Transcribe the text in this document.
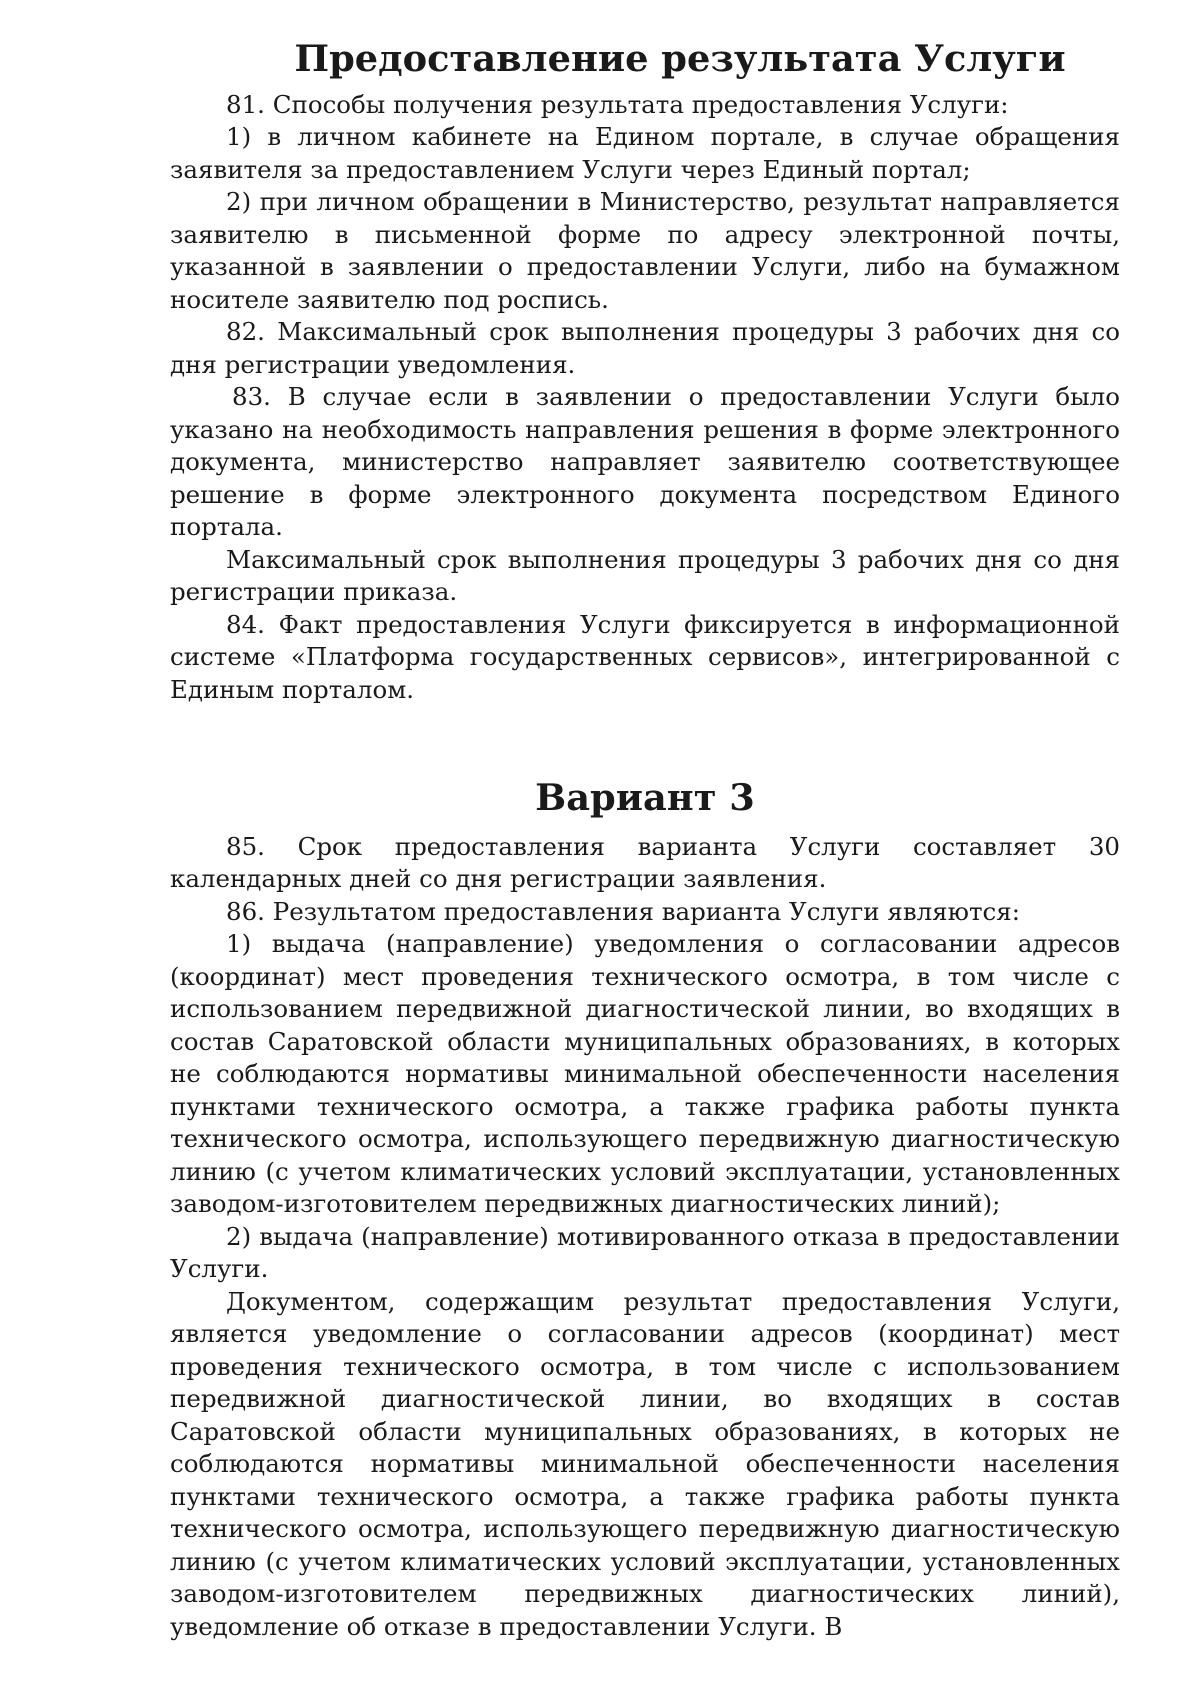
Предоставление результата Услуги

81. Способы получения результата предоставления Услуги:

1) в личном кабинете на Едином портале, в случае обращения заявителя за предоставлением Услуги через Единый портал;

2) при личном обращении в Министерство, результат направляется заявителю в письменной форме по адресу электронной почты, указанной в заявлении о предоставлении Услуги, либо на бумажном носителе заявителю под роспись.

82. Максимальный срок выполнения процедуры 3 рабочих дня со дня регистрации уведомления.

83. В случае если в заявлении о предоставлении Услуги было указано на необходимость направления решения в форме электронного документа, министерство направляет заявителю соответствующее решение в форме электронного документа посредством Единого портала.

Максимальный срок выполнения процедуры 3 рабочих дня со дня регистрации приказа.

84. Факт предоставления Услуги фиксируется в информационной системе «Платформа государственных сервисов», интегрированной с Единым порталом.

Вариант 3

85. Срок предоставления варианта Услуги составляет 30 календарных дней со дня регистрации заявления.

86. Результатом предоставления варианта Услуги являются:

1) выдача (направление) уведомления о согласовании адресов (координат) мест проведения технического осмотра, в том числе с использованием передвижной диагностической линии, во входящих в состав Саратовской области муниципальных образованиях, в которых не соблюдаются нормативы минимальной обеспеченности населения пунктами технического осмотра, а также графика работы пункта технического осмотра, использующего передвижную диагностическую линию (с учетом климатических условий эксплуатации, установленных заводом-изготовителем передвижных диагностических линий);

2) выдача (направление) мотивированного отказа в предоставлении Услуги.

Документом, содержащим результат предоставления Услуги, является уведомление о согласовании адресов (координат) мест проведения технического осмотра, в том числе с использованием передвижной диагностической линии, во входящих в состав Саратовской области муниципальных образованиях, в которых не соблюдаются нормативы минимальной обеспеченности населения пунктами технического осмотра, а также графика работы пункта технического осмотра, использующего передвижную диагностическую линию (с учетом климатических условий эксплуатации, установленных заводом-изготовителем передвижных диагностических линий), уведомление об отказе в предоставлении Услуги. В
